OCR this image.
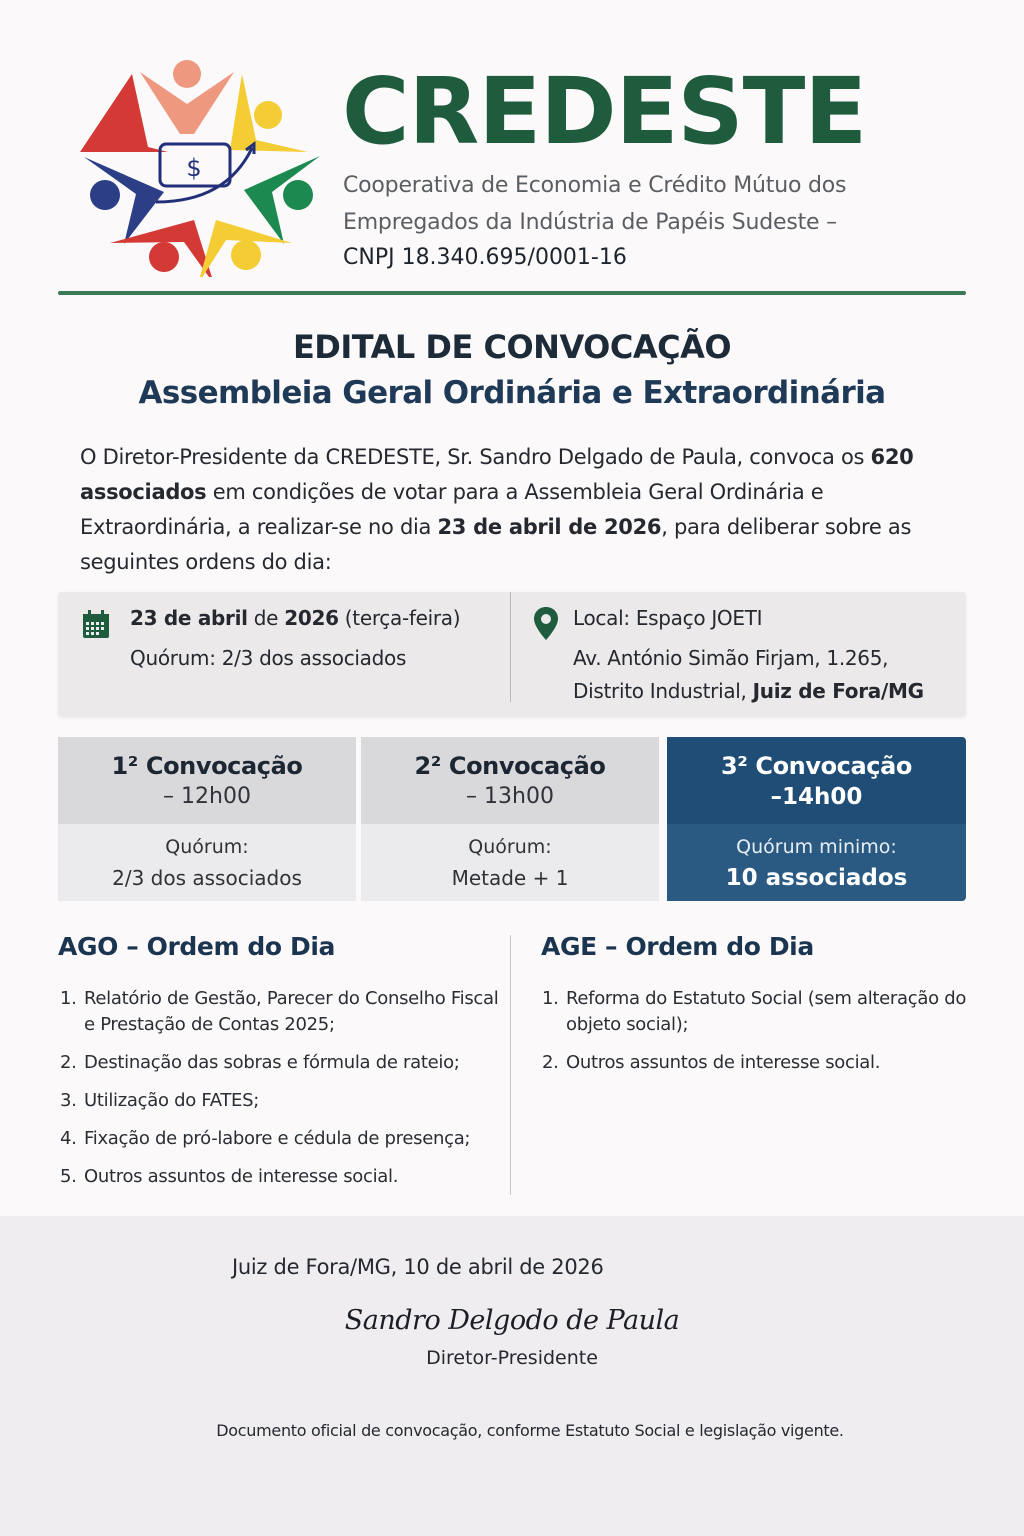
$
CREDESTE
Cooperativa de Economia e Crédito Mútuo dos
Empregados da Indústria de Papéis Sudeste –
CNPJ 18.340.695/0001-16
EDITAL DE CONVOCAÇÃO
Assembleia Geral Ordinária e Extraordinária

O Diretor-Presidente da CREDESTE, Sr. Sandro Delgado de Paula, convoca os 620 associados em condições de votar para a Assembleia Geral Ordinária e Extraordinária, a realizar-se no dia 23 de abril de 2026, para deliberar sobre as seguintes ordens do dia:

23 de abril de 2026 (terça-feira)
Quórum: 2/3 dos associados
Local: Espaço JOETI
Av. António Simão Firjam, 1.265,
Distrito Industrial, Juiz de Fora/MG
1² Convocação
– 12h00
Quórum:
2/3 dos associados
2² Convocação
– 13h00
Quórum:
Metade + 1
3² Convocação
–14h00
Quórum minimo:
10 associados
AGO – Ordem do Dia	AGE – Ordem do Dia
1. Relatório de Gestão, Parecer do Conselho Fiscal e Prestação de Contas 2025;
2. Destinação das sobras e fórmula de rateio;
3. Utilização do FATES;
4. Fixação de pró-labore e cédula de presença;
5. Outros assuntos de interesse social.
1. Reforma do Estatuto Social (sem alteração do objeto social);
2. Outros assuntos de interesse social.
Juiz de Fora/MG, 10 de abril de 2026
Sandro Delgodo de Paula
Diretor-Presidente
Documento oficial de convocação, conforme Estatuto Social e legislação vigente.
